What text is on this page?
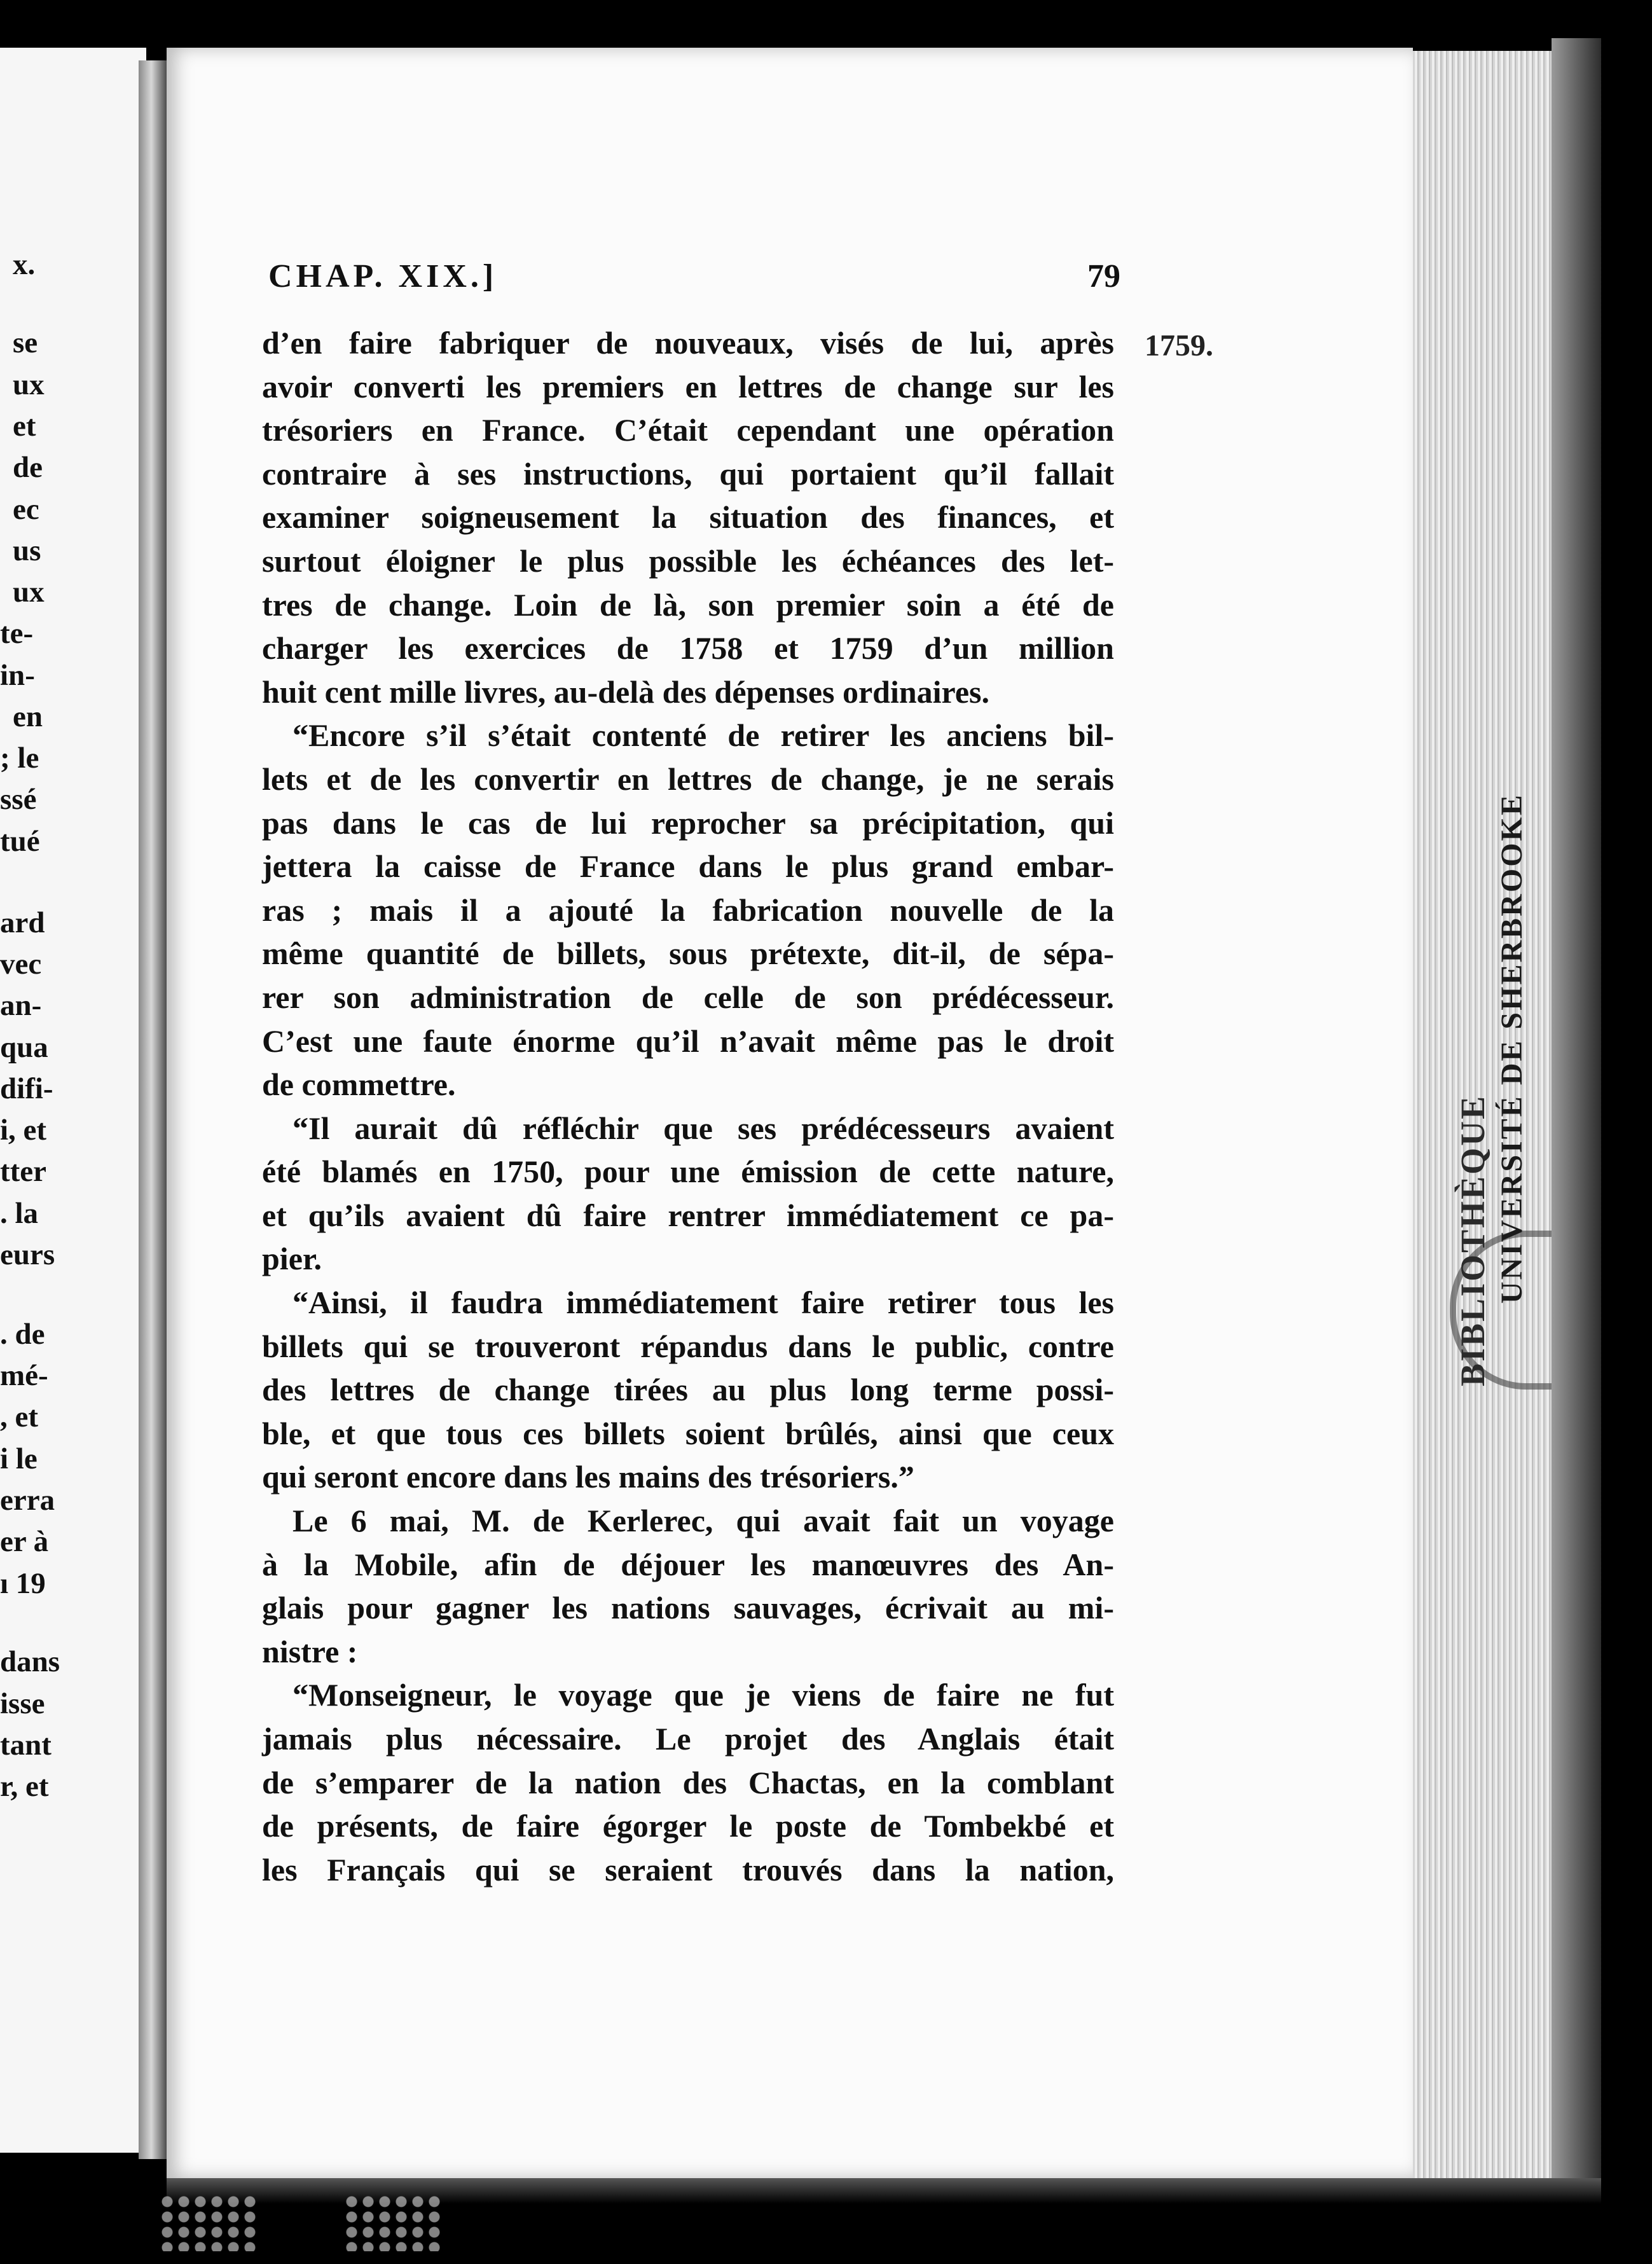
x.
se
ux
et
de
ec
us
ux
te-
in-
en
; le
ssé
tué
ard
vec
an-
qua
difi-
i, et
tter
. la
eurs
. de
mé-
, et
i le
erra
er à
ı 19
dans
isse
tant
r, et
CHAP. XIX.]	79
1759.
d’en faire fabriquer de nouveaux, visés de lui, après
avoir converti les premiers en lettres de change sur les
trésoriers en France. C’était cependant une opération
contraire à ses instructions, qui portaient qu’il fallait
examiner soigneusement la situation des finances, et
surtout éloigner le plus possible les échéances des let-
tres de change. Loin de là, son premier soin a été de
charger les exercices de 1758 et 1759 d’un million
huit cent mille livres, au-delà des dépenses ordinaires.
“Encore s’il s’était contenté de retirer les anciens bil-
lets et de les convertir en lettres de change, je ne serais
pas dans le cas de lui reprocher sa précipitation, qui
jettera la caisse de France dans le plus grand embar-
ras ; mais il a ajouté la fabrication nouvelle de la
même quantité de billets, sous prétexte, dit-il, de sépa-
rer son administration de celle de son prédécesseur.
C’est une faute énorme qu’il n’avait même pas le droit
de commettre.
“Il aurait dû réfléchir que ses prédécesseurs avaient
été blamés en 1750, pour une émission de cette nature,
et qu’ils avaient dû faire rentrer immédiatement ce pa-
pier.
“Ainsi, il faudra immédiatement faire retirer tous les
billets qui se trouveront répandus dans le public, contre
des lettres de change tirées au plus long terme possi-
ble, et que tous ces billets soient brûlés, ainsi que ceux
qui seront encore dans les mains des trésoriers.”
Le 6 mai, M. de Kerlerec, qui avait fait un voyage
à la Mobile, afin de déjouer les manœuvres des An-
glais pour gagner les nations sauvages, écrivait au mi-
nistre :
“Monseigneur, le voyage que je viens de faire ne fut
jamais plus nécessaire. Le projet des Anglais était
de s’emparer de la nation des Chactas, en la comblant
de présents, de faire égorger le poste de Tombekbé et
les Français qui se seraient trouvés dans la nation,
BIBLIOTHÈQUE UNIVERSITÉ DE SHERBROOKE
